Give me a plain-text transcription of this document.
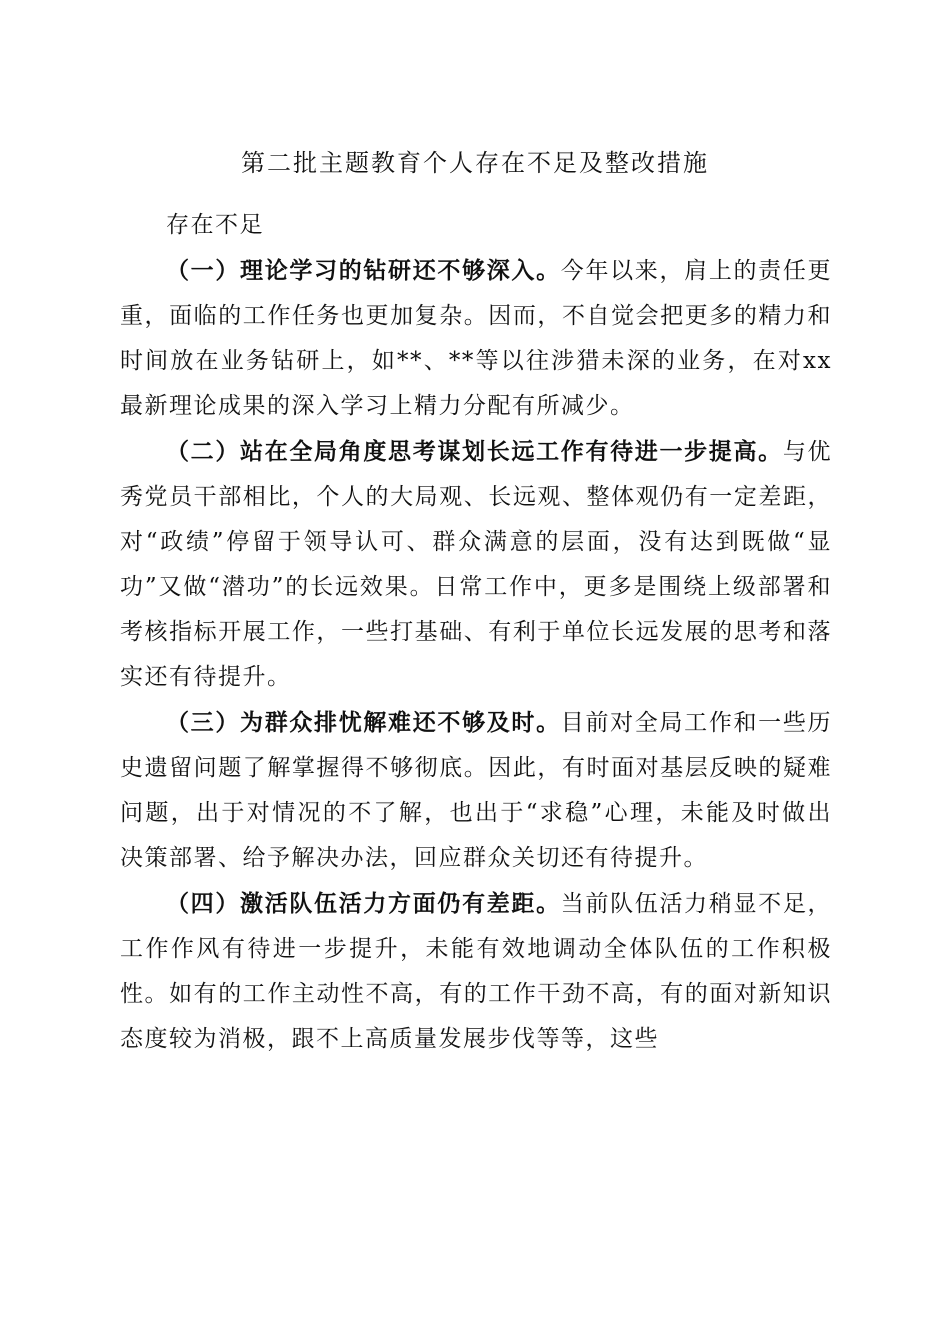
第二批主题教育个人存在不足及整改措施

存在不足

（一）理论学习的钻研还不够深入。今年以来，肩上的责任更重，面临的工作任务也更加复杂。因而，不自觉会把更多的精力和时间放在业务钻研上，如**、**等以往涉猎未深的业务，在对xx最新理论成果的深入学习上精力分配有所减少。

（二）站在全局角度思考谋划长远工作有待进一步提高。与优秀党员干部相比，个人的大局观、长远观、整体观仍有一定差距，对“政绩”停留于领导认可、群众满意的层面，没有达到既做“显功”又做“潜功”的长远效果。日常工作中，更多是围绕上级部署和考核指标开展工作，一些打基础、有利于单位长远发展的思考和落实还有待提升。

（三）为群众排忧解难还不够及时。目前对全局工作和一些历史遗留问题了解掌握得不够彻底。因此，有时面对基层反映的疑难问题，出于对情况的不了解，也出于“求稳”心理，未能及时做出决策部署、给予解决办法，回应群众关切还有待提升。

（四）激活队伍活力方面仍有差距。当前队伍活力稍显不足，工作作风有待进一步提升，未能有效地调动全体队伍的工作积极性。如有的工作主动性不高，有的工作干劲不高，有的面对新知识态度较为消极，跟不上高质量发展步伐等等，这些
